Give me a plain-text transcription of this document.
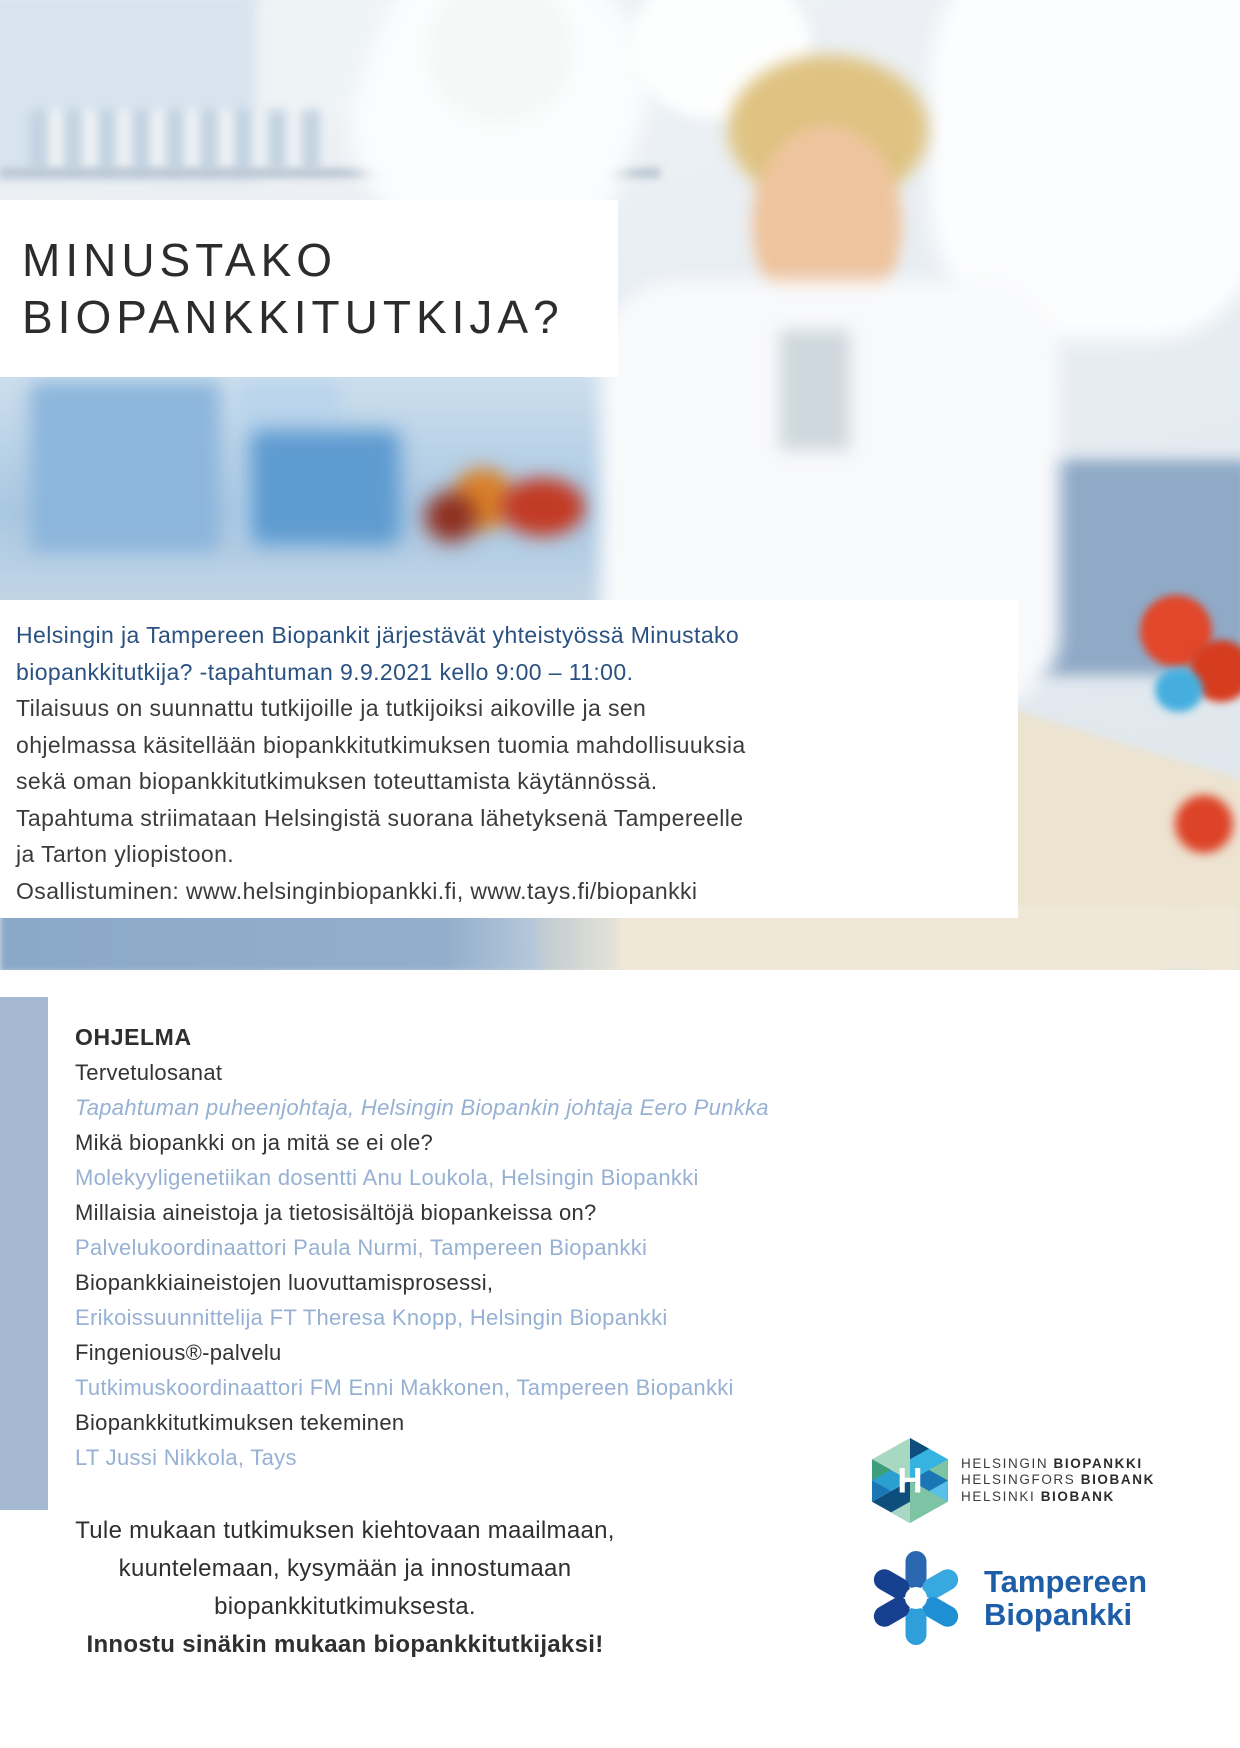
MINUSTAKO
BIOPANKKITUTKIJA?
Helsingin ja Tampereen Biopankit järjestävät yhteistyössä Minustako
biopankkitutkija? -tapahtuman 9.9.2021 kello 9:00 – 11:00.
Tilaisuus on suunnattu tutkijoille ja tutkijoiksi aikoville ja sen
ohjelmassa käsitellään biopankkitutkimuksen tuomia mahdollisuuksia
sekä oman biopankkitutkimuksen toteuttamista käytännössä.
Tapahtuma striimataan Helsingistä suorana lähetyksenä Tampereelle
ja Tarton yliopistoon.
Osallistuminen: www.helsinginbiopankki.fi, www.tays.fi/biopankki
OHJELMA
Tervetulosanat
Tapahtuman puheenjohtaja, Helsingin Biopankin johtaja Eero Punkka
Mikä biopankki on ja mitä se ei ole?
Molekyyligenetiikan dosentti Anu Loukola, Helsingin Biopankki
Millaisia aineistoja ja tietosisältöjä biopankeissa on?
Palvelukoordinaattori Paula Nurmi, Tampereen Biopankki
Biopankkiaineistojen luovuttamisprosessi,
Erikoissuunnittelija FT Theresa Knopp, Helsingin Biopankki
Fingenious®-palvelu
Tutkimuskoordinaattori FM Enni Makkonen, Tampereen Biopankki
Biopankkitutkimuksen tekeminen
LT Jussi Nikkola, Tays
Tule mukaan tutkimuksen kiehtovaan maailmaan,
kuuntelemaan, kysymään ja innostumaan
biopankkitutkimuksesta.
Innostu sinäkin mukaan biopankkitutkijaksi!
H	HELSINGIN BIOPANKKI
HELSINGFORS BIOBANK
HELSINKI BIOBANK
Tampereen
Biopankki
